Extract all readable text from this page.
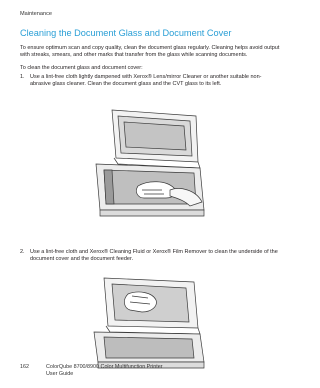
Maintenance
Cleaning the Document Glass and Document Cover

To ensure optimum scan and copy quality, clean the document glass regularly. Cleaning helps avoid output with streaks, smears, and other marks that transfer from the glass while scanning documents.

To clean the document glass and document cover:

1. Use a lint-free cloth lightly dampened with Xerox® Lens/mirror Cleaner or another suitable non-abrasive glass cleaner. Clean the document glass and the CVT glass to its left.
2. Use a lint-free cloth and Xerox® Cleaning Fluid or Xerox® Film Remover to clean the underside of the document cover and the document feeder.
162	ColorQube 8700/8900 Color Multifunction Printer
User Guide
